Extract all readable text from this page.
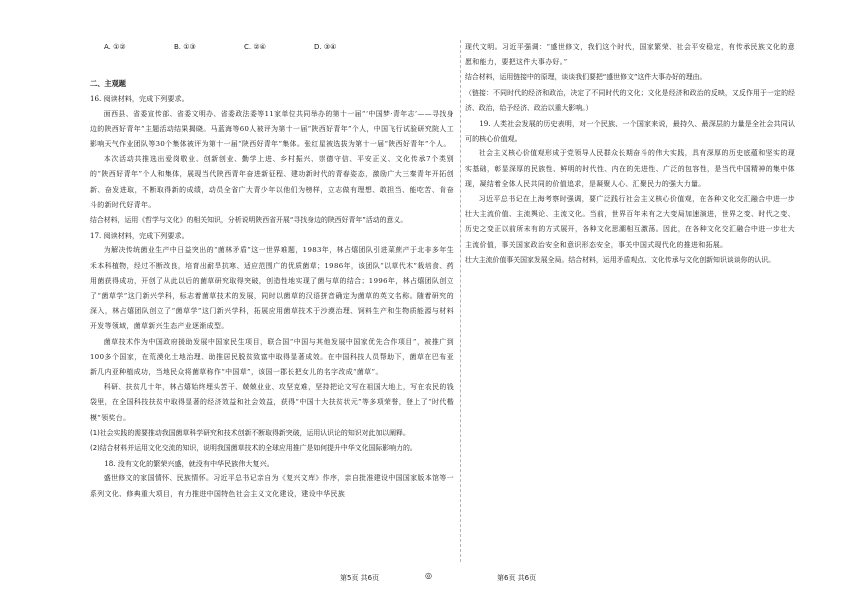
A. ①②	B. ①③	C. ②④	D. ③④

二、主观题

16. 阅读材料，完成下列要求。

面西县、省委宣传部、省委文明办、省委政法委等11家单位共同举办的第十一届“‘中国梦·青年志’——寻找身边的陕西好青年”主题活动结果揭晓。马蓝海等60人被评为第十一届“陕西好青年”个人，中国飞行试验研究院人工影响天气作业团队等30个集体被评为第十一届“陕西好青年”集体。张红星被选拔为第十一届“陕西好青年”个人。

本次活动共推选出爱岗敬业、创新创业、勤学上进、乡村振兴、崇德守信、平安正义、文化传承7个类别的“陕西好青年”个人和集体，展现当代陕西青年奋进新征程、建功新时代的青春姿态，激励广大三秦青年开拓创新、奋发进取，不断取得新的成绩，动员全省广大青少年以他们为榜样，立志做有理想、敢担当、能吃苦、肯奋斗的新时代好青年。

结合材料，运用《哲学与文化》的相关知识，分析说明陕西省开展“寻找身边的陕西好青年”活动的意义。

17. 阅读材料，完成下列要求。

为解决传统菌业生产中日益突出的“菌林矛盾”这一世界难题，1983年，林占熺团队引进菜蔗产于北非多年生禾本科植物，经过不断改良，培育出耐旱抗寒、适应范围广的优质菌草；1986年，该团队“以草代木”栽培食、药用菌获得成功，开创了从此以后的菌草研究取得突破，创造性地实现了菌与草的结合；1996年，林占熺团队创立了“菌草学”这门新兴学科，标志着菌草技术的发展，同时以菌草的汉语拼音确定为菌草的英文名称。随着研究的深入，林占熺团队创立了“菌草学”这门新兴学科，拓展应用菌草技术于沙漠治理、饲料生产和生物质能源与材料开发等领域，菌草新兴生态产业逐渐成型。

菌草技术作为中国政府援助发展中国家民生项目，联合国“中国与其他发展中国家优先合作项目”，被推广到100多个国家，在荒漠化土地治理、助推居民脱贫致富中取得显著成效。在中国科技人员帮助下，菌草在巴布亚新几内亚种植成功，当地民众将菌草称作“中国草”，该国一郡长把女儿的名字改成“菌草”。

科研、扶贫几十年，林占熺始终埋头苦干、兢兢业业、攻坚克难，坚持把论文写在祖国大地上，写在农民的钱袋里，在全国科技扶贫中取得显著的经济效益和社会效益，获得“中国十大扶贫状元”等多项荣誉，登上了“时代楷模”领奖台。

(1)社会实践的需要推动我国菌草科学研究和技术创新不断取得新突破，运用认识论的知识对此加以阐释。

(2)结合材料并运用文化交流的知识，说明我国菌草技术的全球应用推广是如何提升中华文化国际影响力的。

18. 没有文化的繁荣兴盛，就没有中华民族伟大复兴。

盛世修文的家国情怀、民族情怀。习近平总书记亲自为《复兴文库》作序，亲自批准建设中国国家版本馆等一系列文化、修典重大项目，有力推进中国特色社会主义文化建设，建设中华民族

现代文明。习近平强调：“盛世修文，我们这个时代，国家繁荣、社会平安稳定，有传承民族文化的意愿和能力，要把这件大事办好。”

结合材料，运用链接中的原理，谈谈我们要把“盛世修文”这件大事办好的理由。

（链接：不同时代的经济和政治，决定了不同时代的文化；文化是经济和政治的反映，又反作用于一定的经济、政治，给予经济、政治以重大影响。）

19. 人类社会发展的历史表明，对一个民族、一个国家来说，最持久、最深层的力量是全社会共同认可的核心价值观。

社会主义核心价值观形成于党领导人民群众长期奋斗的伟大实践，具有深厚的历史底蕴和坚实的现实基础，彰显深厚的民族性、鲜明的时代性、内在的先进性、广泛的包容性，是当代中国精神的集中体现，凝结着全体人民共同的价值追求，是凝聚人心、汇聚民力的强大力量。

习近平总书记在上海考察时强调，要广泛践行社会主义核心价值观，在各种文化交汇融合中进一步壮大主流价值、主流舆论、主流文化。当前，世界百年未有之大变局加速演进，世界之变、时代之变、历史之变正以前所未有的方式展开，各种文化思潮相互激荡。因此，在各种文化交汇融合中进一步壮大主流价值，事关国家政治安全和意识形态安全，事关中国式现代化的推进和拓展。

壮大主流价值事关国家发展全局。结合材料，运用矛盾观点、文化传承与文化创新知识谈谈你的认识。

第5页 共6页	◎	第6页 共6页
